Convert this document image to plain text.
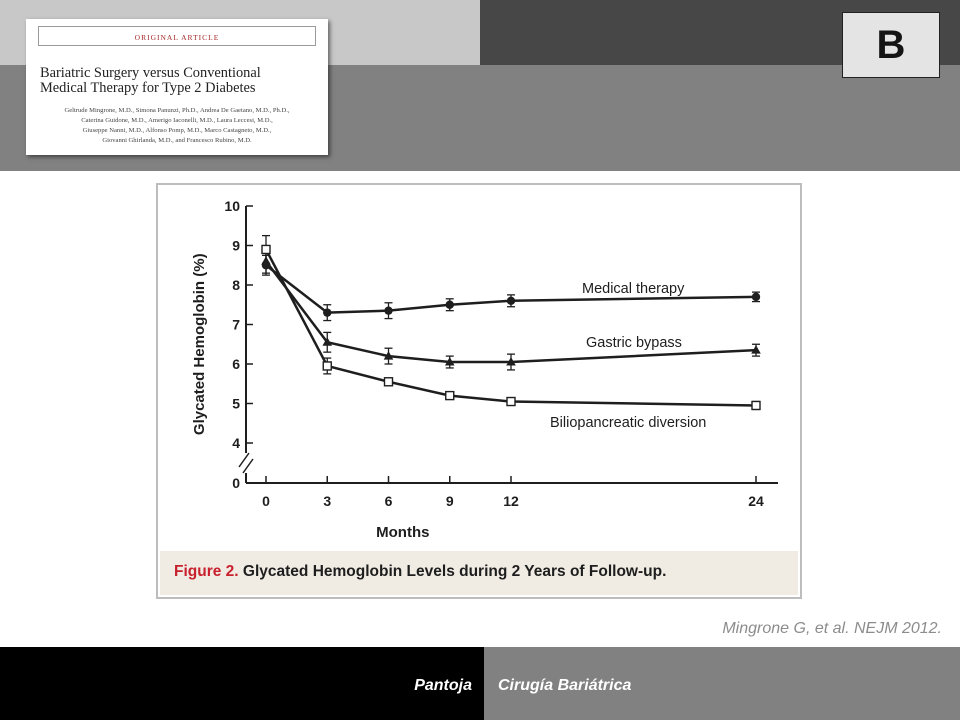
ORIGINAL ARTICLE
Bariatric Surgery versus Conventional
Medical Therapy for Type 2 Diabetes
Geltrude Mingrone, M.D., Simona Panunzi, Ph.D., Andrea De Gaetano, M.D., Ph.D.,
Caterina Guidone, M.D., Amerigo Iaconelli, M.D., Laura Leccesi, M.D.,
Giuseppe Nanni, M.D., Alfonso Pomp, M.D., Marco Castagneto, M.D.,
Giovanni Ghirlanda, M.D., and Francesco Rubino, M.D.
B
0
4
5
6
7
8
9
10
0	3	6	9	12	24
Months
Glycated Hemoglobin (%)	Medical therapy
Gastric bypass
Biliopancreatic diversion
Figure 2. Glycated Hemoglobin Levels during 2 Years of Follow-up.
Mingrone G, et al. NEJM 2012.
Pantoja Cirugía Bariátrica
